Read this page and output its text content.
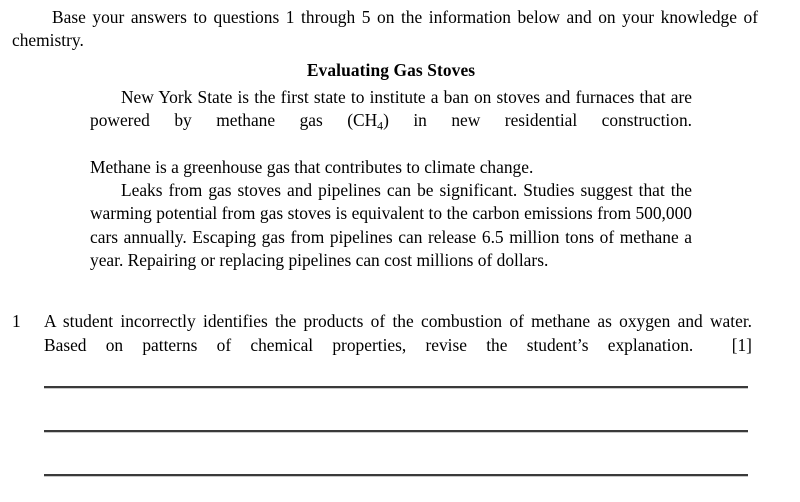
Base your answers to questions 1 through 5 on the information below and on your knowledge of chemistry.

Evaluating Gas Stoves

New York State is the first state to institute a ban on stoves and furnaces that are powered by methane gas $(CH_4)$ in new residential construction.

Methane is a greenhouse gas that contributes to climate change.

Leaks from gas stoves and pipelines can be significant. Studies suggest that the warming potential from gas stoves is equivalent to the carbon emissions from 500,000 cars annually. Escaping gas from pipelines can release 6.5 million tons of methane a year. Repairing or replacing pipelines can cost millions of dollars.

1 A student incorrectly identifies the products of the combustion of methane as oxygen and water. Based on patterns of chemical properties, revise the student’s explanation.  [1]
